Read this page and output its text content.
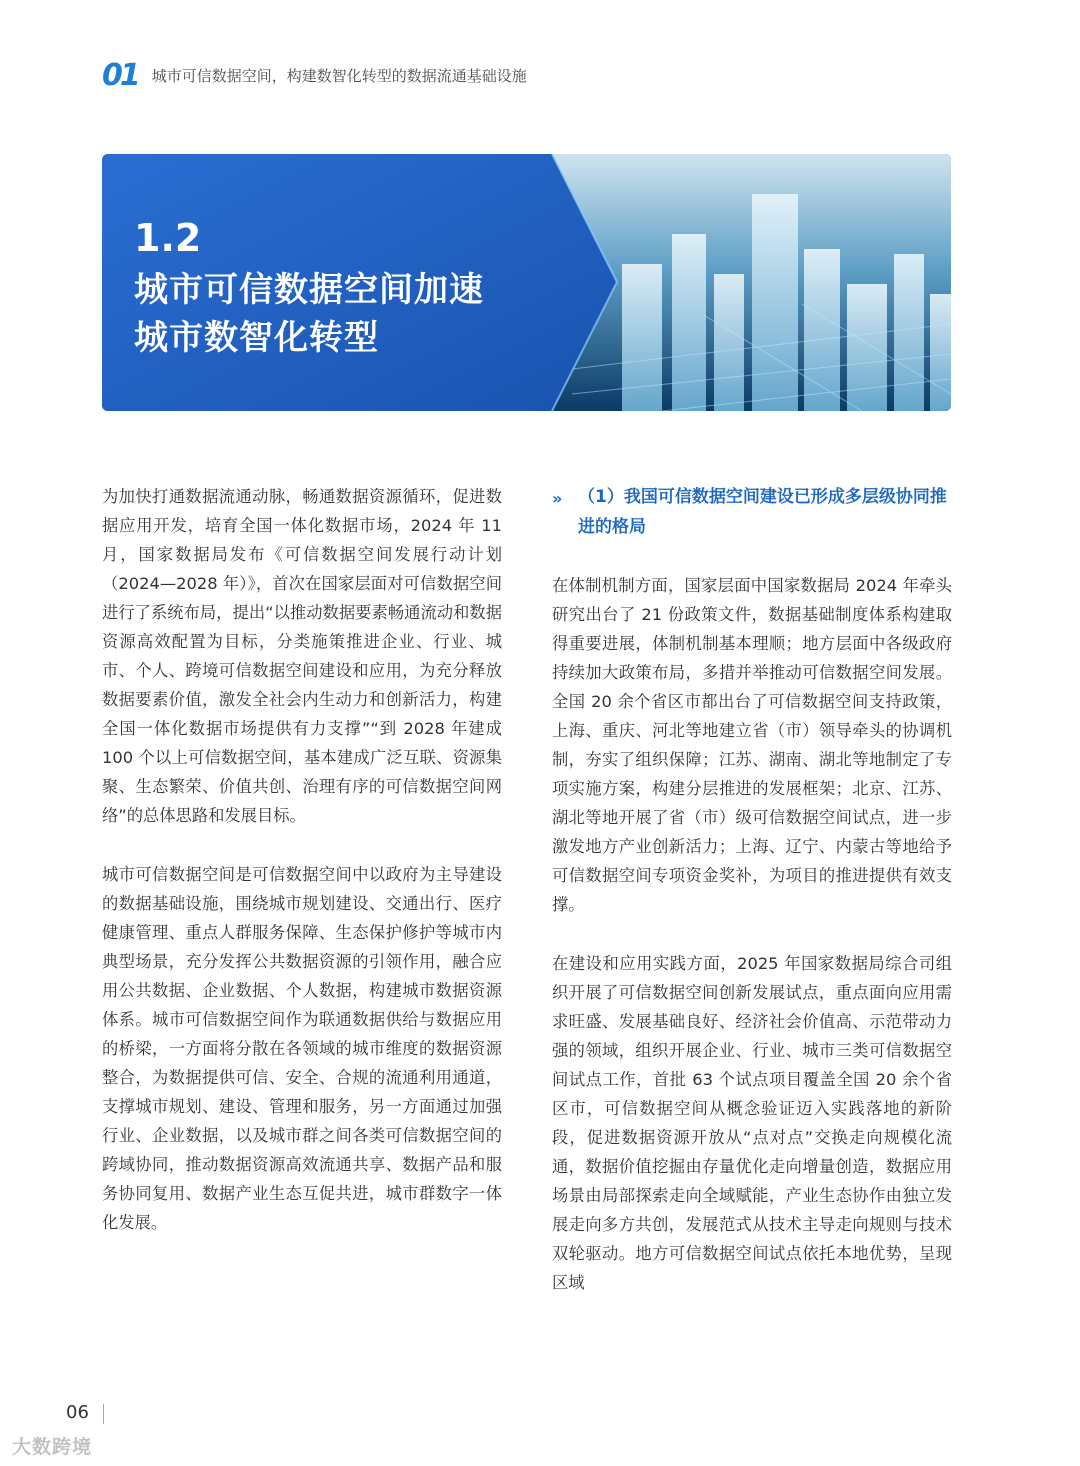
01 城市可信数据空间，构建数智化转型的数据流通基础设施
1.2
城市可信数据空间加速
城市数智化转型

为加快打通数据流通动脉，畅通数据资源循环，促进数据应用开发，培育全国一体化数据市场，2024 年 11 月，国家数据局发布《可信数据空间发展行动计划（2024—2028 年）》，首次在国家层面对可信数据空间进行了系统布局，提出“以推动数据要素畅通流动和数据资源高效配置为目标，分类施策推进企业、行业、城市、个人、跨境可信数据空间建设和应用，为充分释放数据要素价值，激发全社会内生动力和创新活力，构建全国一体化数据市场提供有力支撑”“到 2028 年建成 100 个以上可信数据空间，基本建成广泛互联、资源集聚、生态繁荣、价值共创、治理有序的可信数据空间网络”的总体思路和发展目标。

城市可信数据空间是可信数据空间中以政府为主导建设的数据基础设施，围绕城市规划建设、交通出行、医疗健康管理、重点人群服务保障、生态保护修护等城市内典型场景，充分发挥公共数据资源的引领作用，融合应用公共数据、企业数据、个人数据，构建城市数据资源体系。城市可信数据空间作为联通数据供给与数据应用的桥梁，一方面将分散在各领域的城市维度的数据资源整合，为数据提供可信、安全、合规的流通利用通道，支撑城市规划、建设、管理和服务，另一方面通过加强行业、企业数据，以及城市群之间各类可信数据空间的跨域协同，推动数据资源高效流通共享、数据产品和服务协同复用、数据产业生态互促共进，城市群数字一体化发展。

» （1）我国可信数据空间建设已形成多层级协同推进的格局

在体制机制方面，国家层面中国家数据局 2024 年牵头研究出台了 21 份政策文件，数据基础制度体系构建取得重要进展，体制机制基本理顺；地方层面中各级政府持续加大政策布局，多措并举推动可信数据空间发展。全国 20 余个省区市都出台了可信数据空间支持政策，上海、重庆、河北等地建立省（市）领导牵头的协调机制，夯实了组织保障；江苏、湖南、湖北等地制定了专项实施方案，构建分层推进的发展框架；北京、江苏、湖北等地开展了省（市）级可信数据空间试点，进一步激发地方产业创新活力；上海、辽宁、内蒙古等地给予可信数据空间专项资金奖补，为项目的推进提供有效支撑。

在建设和应用实践方面，2025 年国家数据局综合司组织开展了可信数据空间创新发展试点，重点面向应用需求旺盛、发展基础良好、经济社会价值高、示范带动力强的领域，组织开展企业、行业、城市三类可信数据空间试点工作，首批 63 个试点项目覆盖全国 20 余个省区市，可信数据空间从概念验证迈入实践落地的新阶段，促进数据资源开放从“点对点”交换走向规模化流通，数据价值挖掘由存量优化走向增量创造，数据应用场景由局部探索走向全域赋能，产业生态协作由独立发展走向多方共创，发展范式从技术主导走向规则与技术双轮驱动。地方可信数据空间试点依托本地优势，呈现区域

06
大数跨境
